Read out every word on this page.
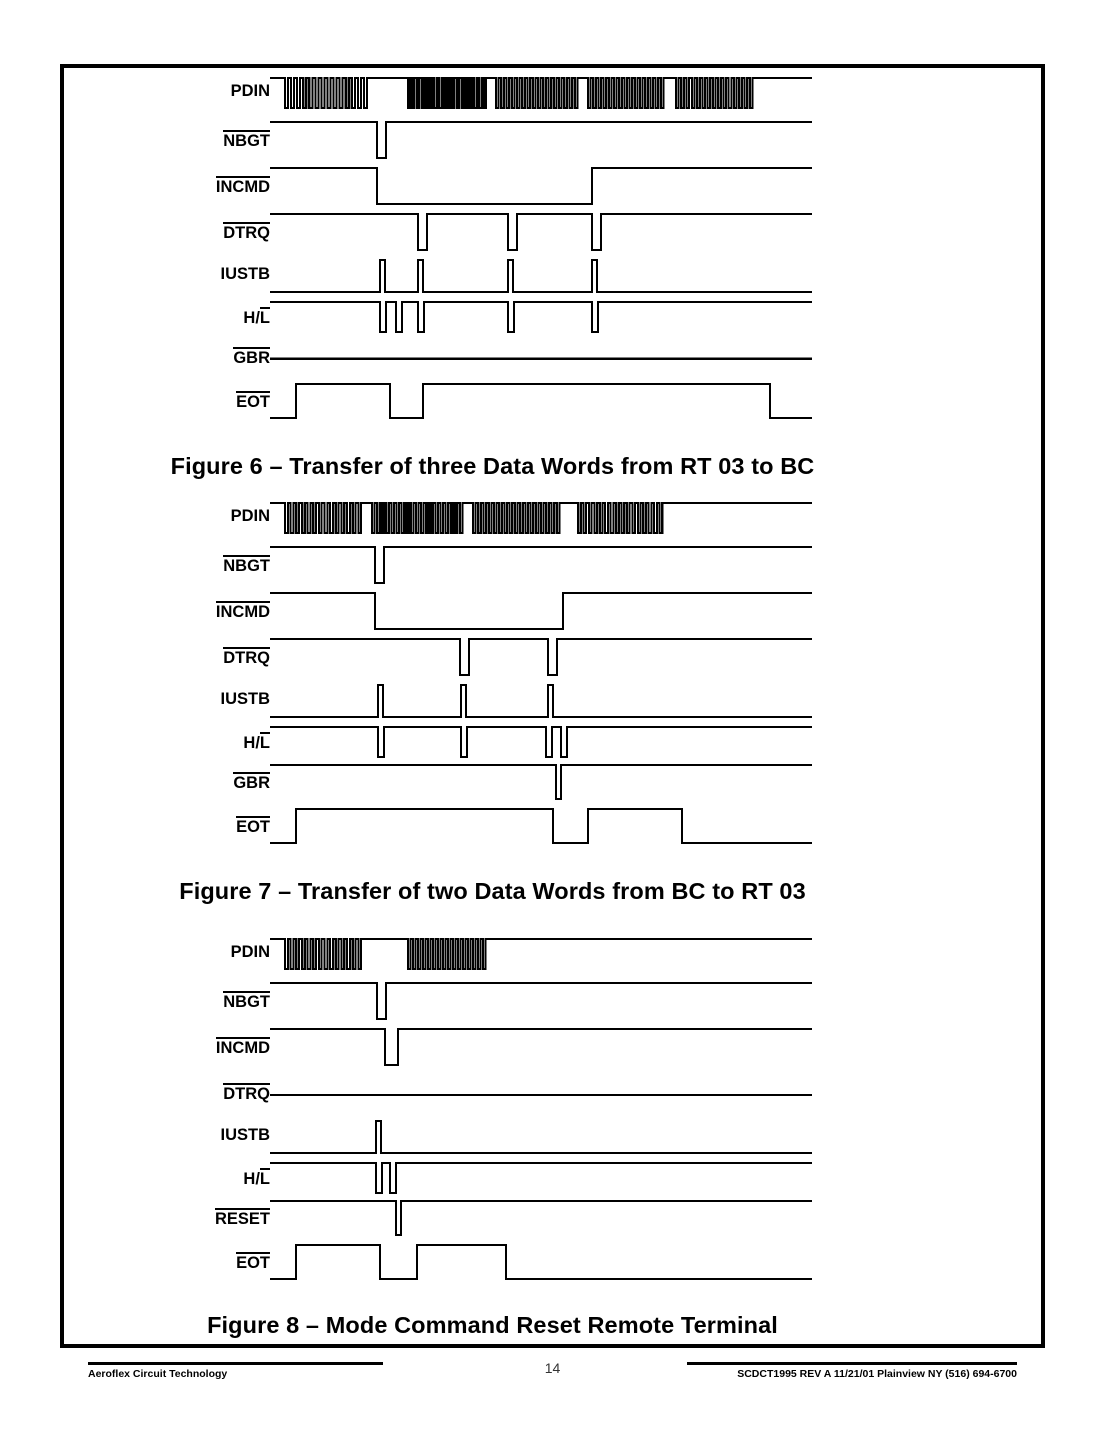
PDIN
NBGT
INCMD
DTRQ
IUSTB
H/L
GBR
EOT
Figure 6 – Transfer of three Data Words from RT 03 to BC
PDIN
NBGT
INCMD
DTRQ
IUSTB
H/L
GBR
EOT
Figure 7 – Transfer of two Data Words from BC to RT 03
PDIN
NBGT
INCMD
DTRQ
IUSTB
H/L
RESET
EOT
Figure 8 – Mode Command Reset Remote Terminal
Aeroflex Circuit Technology	14	SCDCT1995 REV A 11/21/01 Plainview NY (516) 694-6700
